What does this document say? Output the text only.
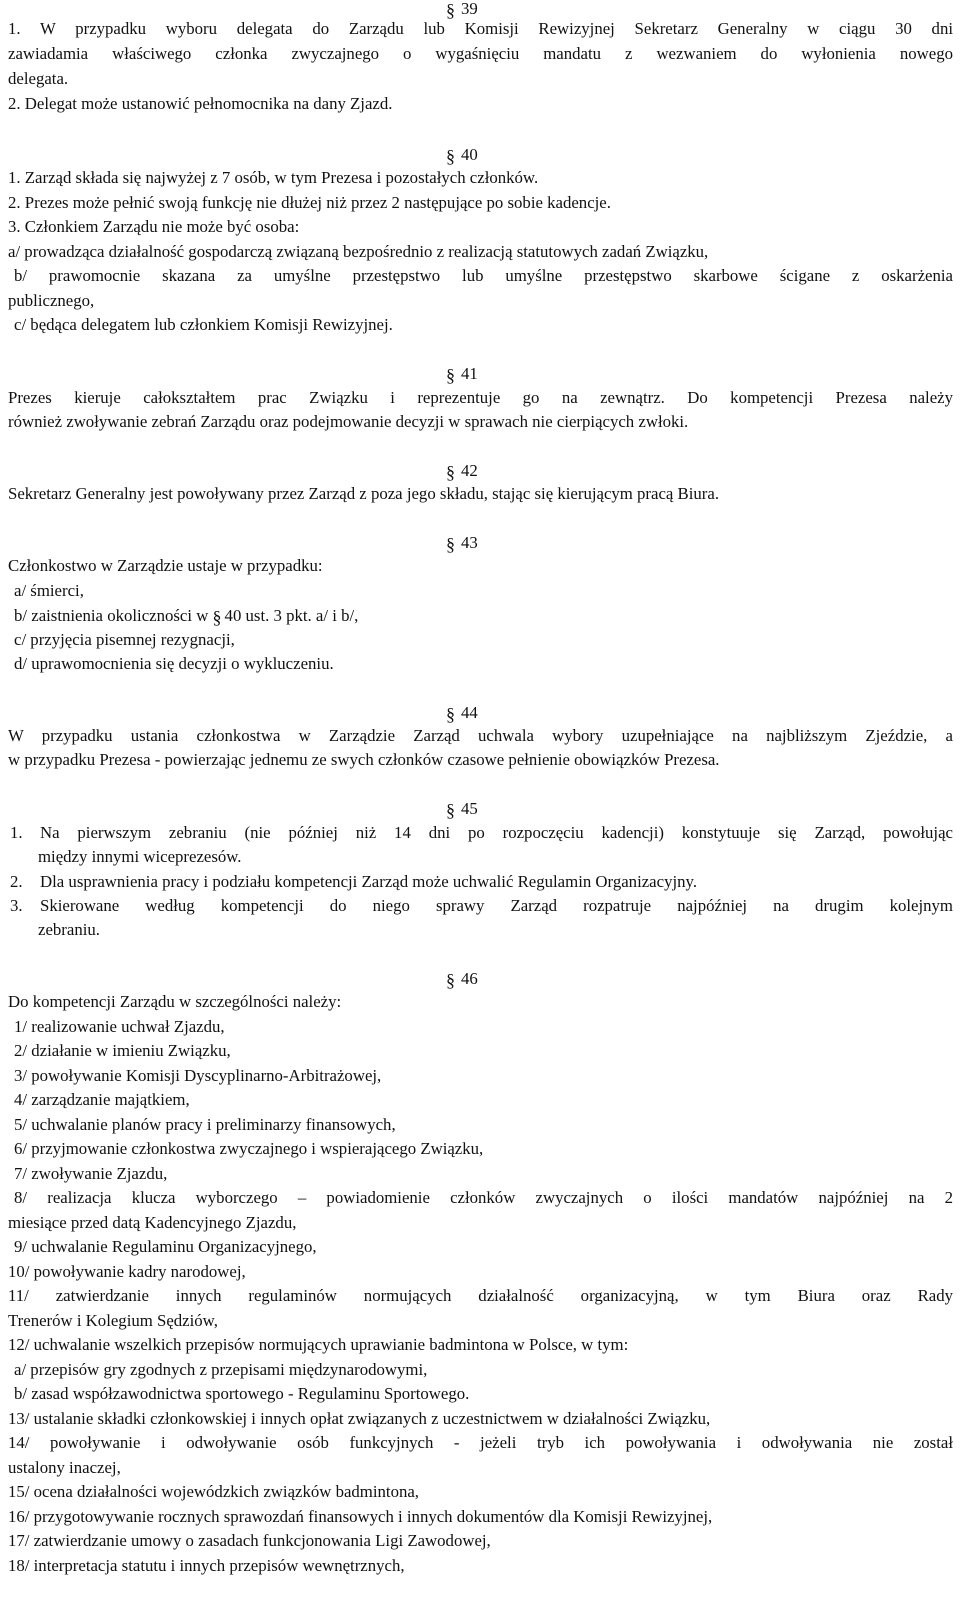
§ 39
1. W przypadku wyboru delegata do Zarządu lub Komisji Rewizyjnej Sekretarz Generalny w ciągu 30 dni
zawiadamia właściwego członka zwyczajnego o wygaśnięciu mandatu z wezwaniem do wyłonienia nowego
delegata.
2. Delegat może ustanowić pełnomocnika na dany Zjazd.
§ 40
1. Zarząd składa się najwyżej z 7 osób, w tym Prezesa i pozostałych członków.
2. Prezes może pełnić swoją funkcję nie dłużej niż przez 2 następujące po sobie kadencje.
3. Członkiem Zarządu nie może być osoba:
a/ prowadząca działalność gospodarczą związaną bezpośrednio z realizacją statutowych zadań Związku,
b/ prawomocnie skazana za umyślne przestępstwo lub umyślne przestępstwo skarbowe ścigane z oskarżenia
publicznego,
c/ będąca delegatem lub członkiem Komisji Rewizyjnej.
§ 41
Prezes kieruje całokształtem prac Związku i reprezentuje go na zewnątrz. Do kompetencji Prezesa należy
również zwoływanie zebrań Zarządu oraz podejmowanie decyzji w sprawach nie cierpiących zwłoki.
§ 42
Sekretarz Generalny jest powoływany przez Zarząd z poza jego składu, stając się kierującym pracą Biura.
§ 43
Członkostwo w Zarządzie ustaje w przypadku:
a/ śmierci,
b/ zaistnienia okoliczności w § 40 ust. 3 pkt. a/ i b/,
c/ przyjęcia pisemnej rezygnacji,
d/ uprawomocnienia się decyzji o wykluczeniu.
§ 44
W przypadku ustania członkostwa w Zarządzie Zarząd uchwala wybory uzupełniające na najbliższym Zjeździe, a
w przypadku Prezesa - powierzając jednemu ze swych członków czasowe pełnienie obowiązków Prezesa.
§ 45
1. Na pierwszym zebraniu (nie później niż 14 dni po rozpoczęciu kadencji) konstytuuje się Zarząd, powołując
między innymi wiceprezesów.
2. Dla usprawnienia pracy i podziału kompetencji Zarząd może uchwalić Regulamin Organizacyjny.
3. Skierowane według kompetencji do niego sprawy Zarząd rozpatruje najpóźniej na drugim kolejnym
zebraniu.
§ 46
Do kompetencji Zarządu w szczególności należy:
1/ realizowanie uchwał Zjazdu,
2/ działanie w imieniu Związku,
3/ powoływanie Komisji Dyscyplinarno-Arbitrażowej,
4/ zarządzanie majątkiem,
5/ uchwalanie planów pracy i preliminarzy finansowych,
6/ przyjmowanie członkostwa zwyczajnego i wspierającego Związku,
7/ zwoływanie Zjazdu,
8/ realizacja klucza wyborczego – powiadomienie członków zwyczajnych o ilości mandatów najpóźniej na 2
miesiące przed datą Kadencyjnego Zjazdu,
9/ uchwalanie Regulaminu Organizacyjnego,
10/ powoływanie kadry narodowej,
11/ zatwierdzanie innych regulaminów normujących działalność organizacyjną, w tym Biura oraz Rady
Trenerów i Kolegium Sędziów,
12/ uchwalanie wszelkich przepisów normujących uprawianie badmintona w Polsce, w tym:
a/ przepisów gry zgodnych z przepisami międzynarodowymi,
b/ zasad współzawodnictwa sportowego - Regulaminu Sportowego.
13/ ustalanie składki członkowskiej i innych opłat związanych z uczestnictwem w działalności Związku,
14/ powoływanie i odwoływanie osób funkcyjnych - jeżeli tryb ich powoływania i odwoływania nie został
ustalony inaczej,
15/ ocena działalności wojewódzkich związków badmintona,
16/ przygotowywanie rocznych sprawozdań finansowych i innych dokumentów dla Komisji Rewizyjnej,
17/ zatwierdzanie umowy o zasadach funkcjonowania Ligi Zawodowej,
18/ interpretacja statutu i innych przepisów wewnętrznych,
